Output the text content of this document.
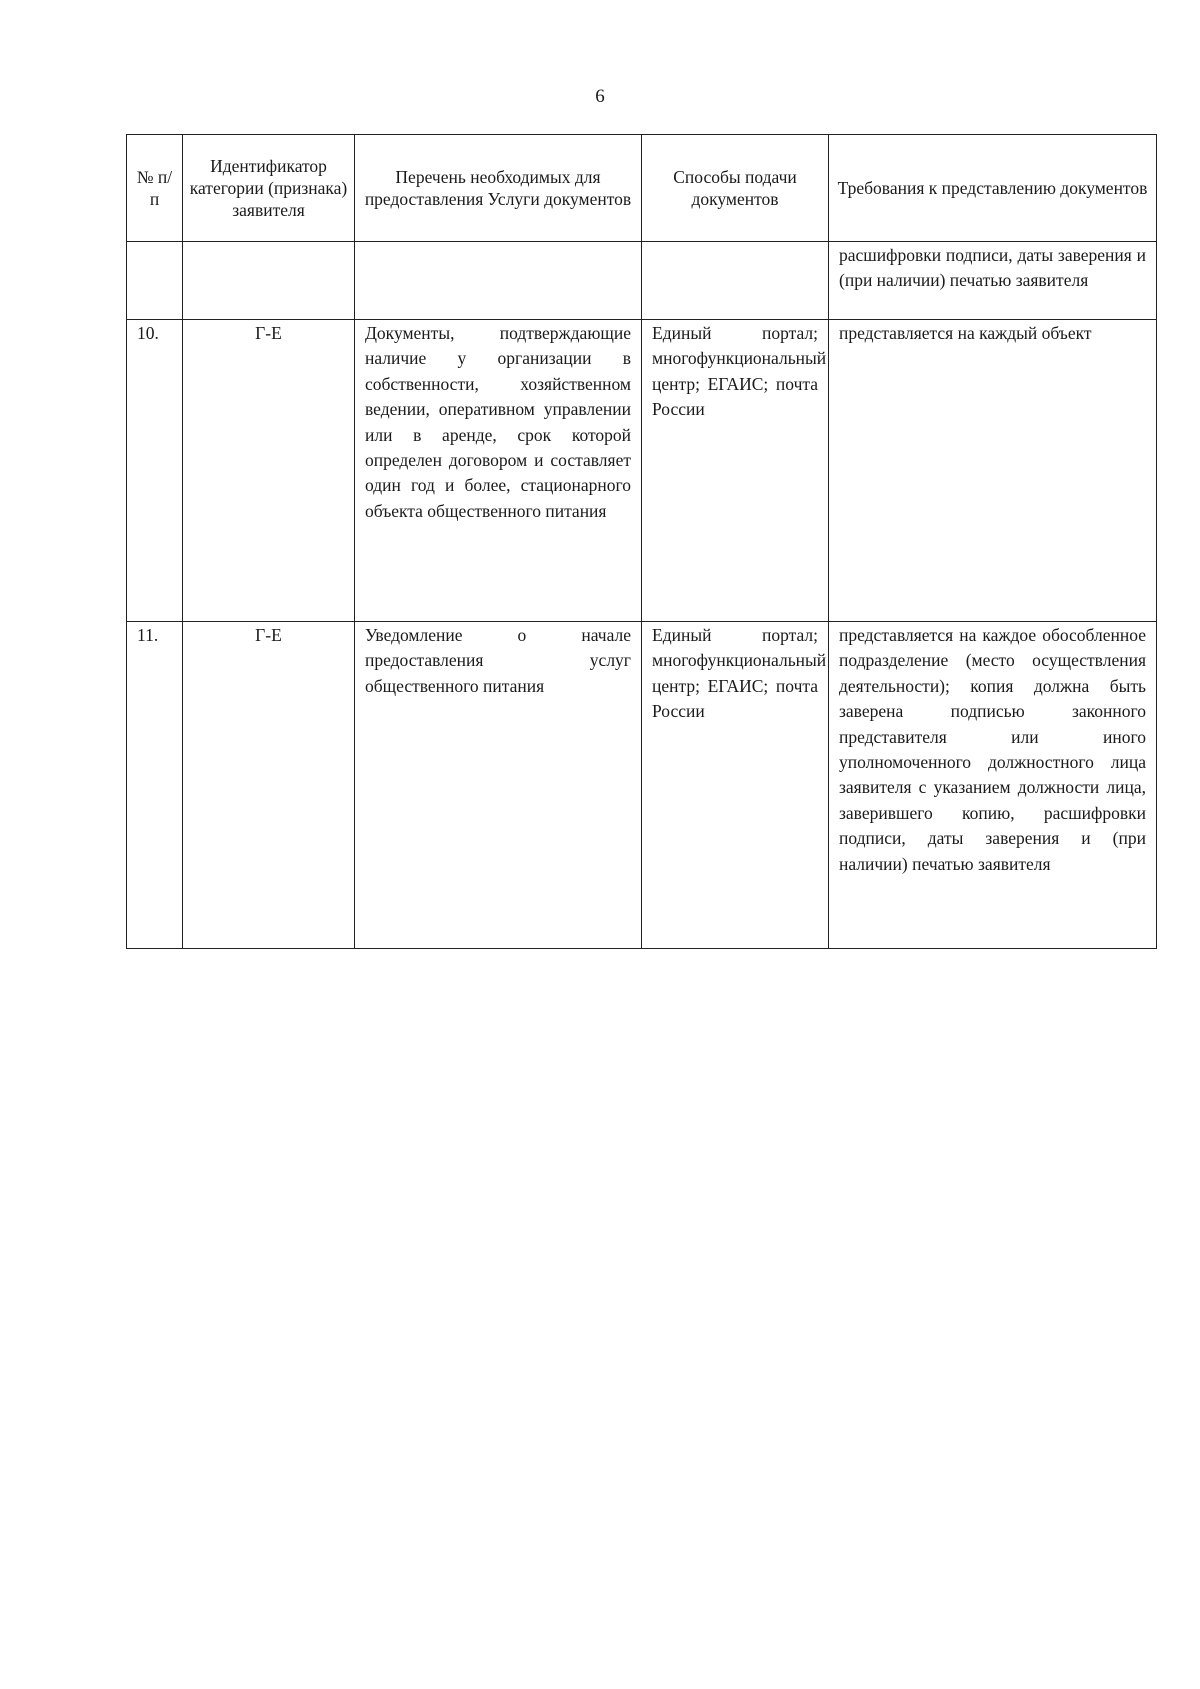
6
№ п/п	Идентификатор категории (признака) заявителя	Перечень необходимых для предоставления Услуги документов	Способы подачи документов	Требования к представлению документов
				расшифровки подписи, даты заверения и (при наличии) печатью заявителя
10.	Г-Е	Документы, подтверждающие наличие у организации в собственности, хозяйственном ведении, оперативном управлении или в аренде, срок которой определен договором и составляет один год и более, стационарного объекта общественного питания	Единый портал; многофункциональный центр; ЕГАИС; почта России	представляется на каждый объект
11.	Г-Е	Уведомление о начале предоставления услуг общественного питания	Единый портал; многофункциональный центр; ЕГАИС; почта России	представляется на каждое обособленное подразделение (место осуществления деятельности); копия должна быть заверена подписью законного представителя или иного уполномоченного должностного лица заявителя с указанием должности лица, заверившего копию, расшифровки подписи, даты заверения и (при наличии) печатью заявителя
